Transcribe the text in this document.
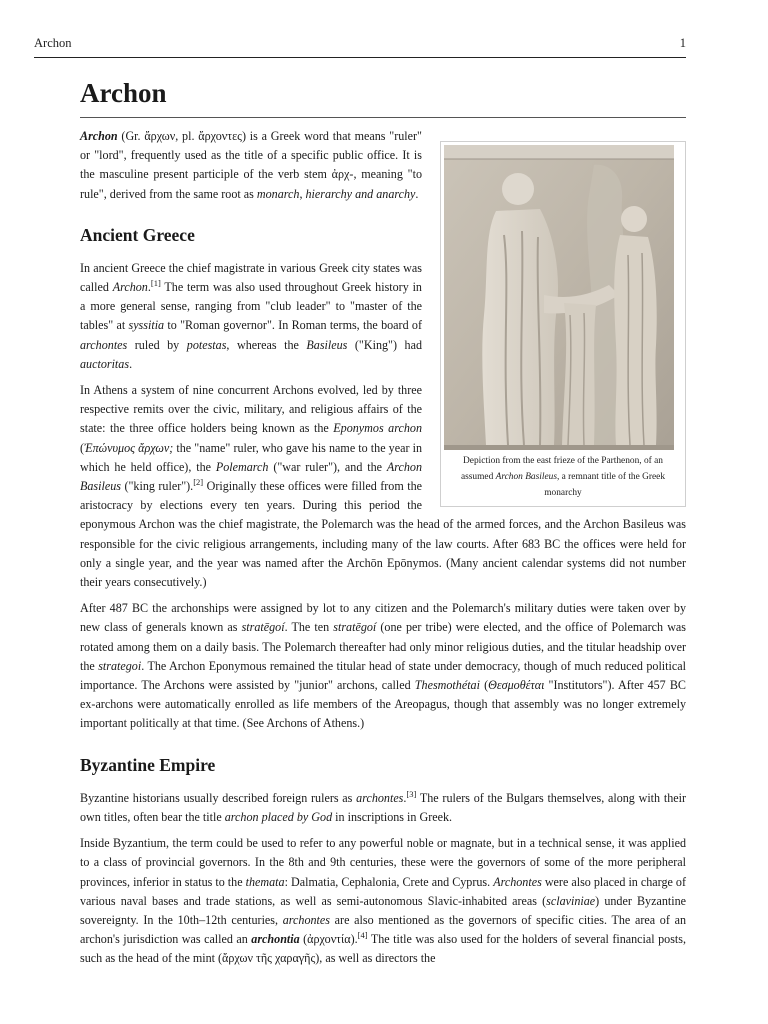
Archon	1
Archon
Depiction from the east frieze of the Parthenon, of an assumed Archon Basileus, a remnant title of the Greek monarchy

Archon (Gr. ἄρχων, pl. ἄρχοντες) is a Greek word that means "ruler" or "lord", frequently used as the title of a specific public office. It is the masculine present participle of the verb stem ἀρχ-, meaning "to rule", derived from the same root as monarch, hierarchy and anarchy.

Ancient Greece

In ancient Greece the chief magistrate in various Greek city states was called Archon.[1] The term was also used throughout Greek history in a more general sense, ranging from "club leader" to "master of the tables" at syssitia to "Roman governor". In Roman terms, the board of archontes ruled by potestas, whereas the Basileus ("King") had auctoritas.

In Athens a system of nine concurrent Archons evolved, led by three respective remits over the civic, military, and religious affairs of the state: the three office holders being known as the Eponymos archon (Ἐπώνυμος ἄρχων; the "name" ruler, who gave his name to the year in which he held office), the Polemarch ("war ruler"), and the Archon Basileus ("king ruler").[2] Originally these offices were filled from the aristocracy by elections every ten years. During this period the eponymous Archon was the chief magistrate, the Polemarch was the head of the armed forces, and the Archon Basileus was responsible for the civic religious arrangements, including many of the law courts. After 683 BC the offices were held for only a single year, and the year was named after the Archōn Epōnymos. (Many ancient calendar systems did not number their years consecutively.)

After 487 BC the archonships were assigned by lot to any citizen and the Polemarch's military duties were taken over by new class of generals known as stratēgoí. The ten stratēgoí (one per tribe) were elected, and the office of Polemarch was rotated among them on a daily basis. The Polemarch thereafter had only minor religious duties, and the titular headship over the strategoi. The Archon Eponymous remained the titular head of state under democracy, though of much reduced political importance. The Archons were assisted by "junior" archons, called Thesmothétai (Θεσμοθέται "Institutors"). After 457 BC ex-archons were automatically enrolled as life members of the Areopagus, though that assembly was no longer extremely important politically at that time. (See Archons of Athens.)

Byzantine Empire

Byzantine historians usually described foreign rulers as archontes.[3] The rulers of the Bulgars themselves, along with their own titles, often bear the title archon placed by God in inscriptions in Greek.

Inside Byzantium, the term could be used to refer to any powerful noble or magnate, but in a technical sense, it was applied to a class of provincial governors. In the 8th and 9th centuries, these were the governors of some of the more peripheral provinces, inferior in status to the themata: Dalmatia, Cephalonia, Crete and Cyprus. Archontes were also placed in charge of various naval bases and trade stations, as well as semi-autonomous Slavic-inhabited areas (sclaviniae) under Byzantine sovereignty. In the 10th–12th centuries, archontes are also mentioned as the governors of specific cities. The area of an archon's jurisdiction was called an archontia (ἀρχοντία).[4] The title was also used for the holders of several financial posts, such as the head of the mint (ἄρχων τῆς χαραγῆς), as well as directors the
